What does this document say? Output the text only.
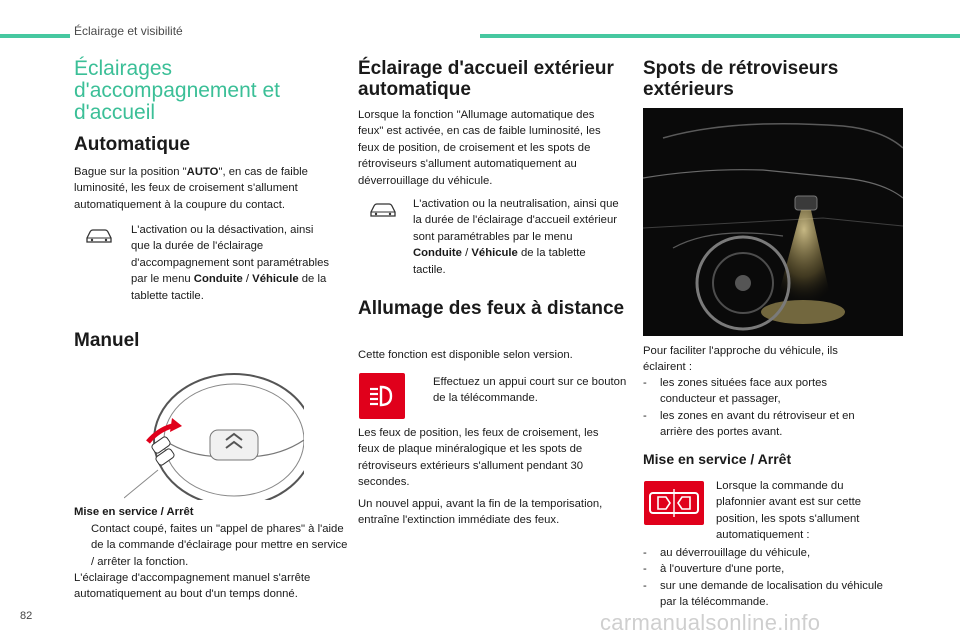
Éclairage et visibilité
Éclairages d'accompagnement et d'accueil
Automatique
Bague sur la position "AUTO", en cas de faible luminosité, les feux de croisement s'allument automatiquement à la coupure du contact.
L'activation ou la désactivation, ainsi que la durée de l'éclairage d'accompagnement sont paramétrables par le menu Conduite / Véhicule de la tablette tactile.
Manuel
Mise en service / Arrêt
Contact coupé, faites un "appel de phares" à l'aide de la commande d'éclairage pour mettre en service / arrêter la fonction.
L'éclairage d'accompagnement manuel s'arrête automatiquement au bout d'un temps donné.
Éclairage d'accueil extérieur automatique
Lorsque la fonction "Allumage automatique des feux" est activée, en cas de faible luminosité, les feux de position, de croisement et les spots de rétroviseurs s'allument automatiquement au déverrouillage du véhicule.
L'activation ou la neutralisation, ainsi que la durée de l'éclairage d'accueil extérieur sont paramétrables par le menu Conduite / Véhicule de la tablette tactile.
Allumage des feux à distance
Cette fonction est disponible selon version.
Effectuez un appui court sur ce bouton de la télécommande.
Les feux de position, les feux de croisement, les feux de plaque minéralogique et les spots de rétroviseurs extérieurs s'allument pendant 30 secondes.
Un nouvel appui, avant la fin de la temporisation, entraîne l'extinction immédiate des feux.
Spots de rétroviseurs extérieurs
Pour faciliter l'approche du véhicule, ils éclairent :
- les zones situées face aux portes conducteur et passager,
- les zones en avant du rétroviseur et en arrière des portes avant.
Mise en service / Arrêt
Lorsque la commande du plafonnier avant est sur cette position, les spots s'allument automatiquement :
- au déverrouillage du véhicule,
- à l'ouverture d'une porte,
- sur une demande de localisation du véhicule par la télécommande.
82	carmanualsonline.info
